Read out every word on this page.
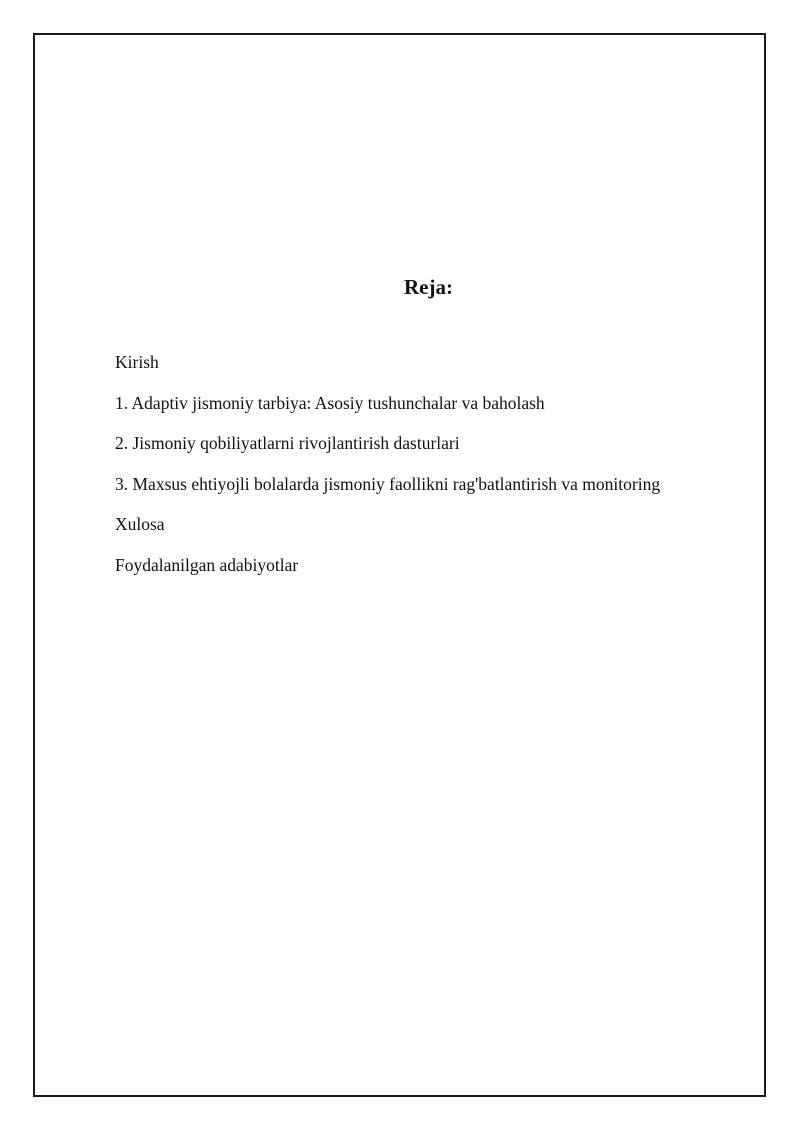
Reja:
Kirish
1. Adaptiv jismoniy tarbiya: Asosiy tushunchalar va baholash
2. Jismoniy qobiliyatlarni rivojlantirish dasturlari
3. Maxsus ehtiyojli bolalarda jismoniy faollikni rag'batlantirish va monitoring
Xulosa
Foydalanilgan adabiyotlar
